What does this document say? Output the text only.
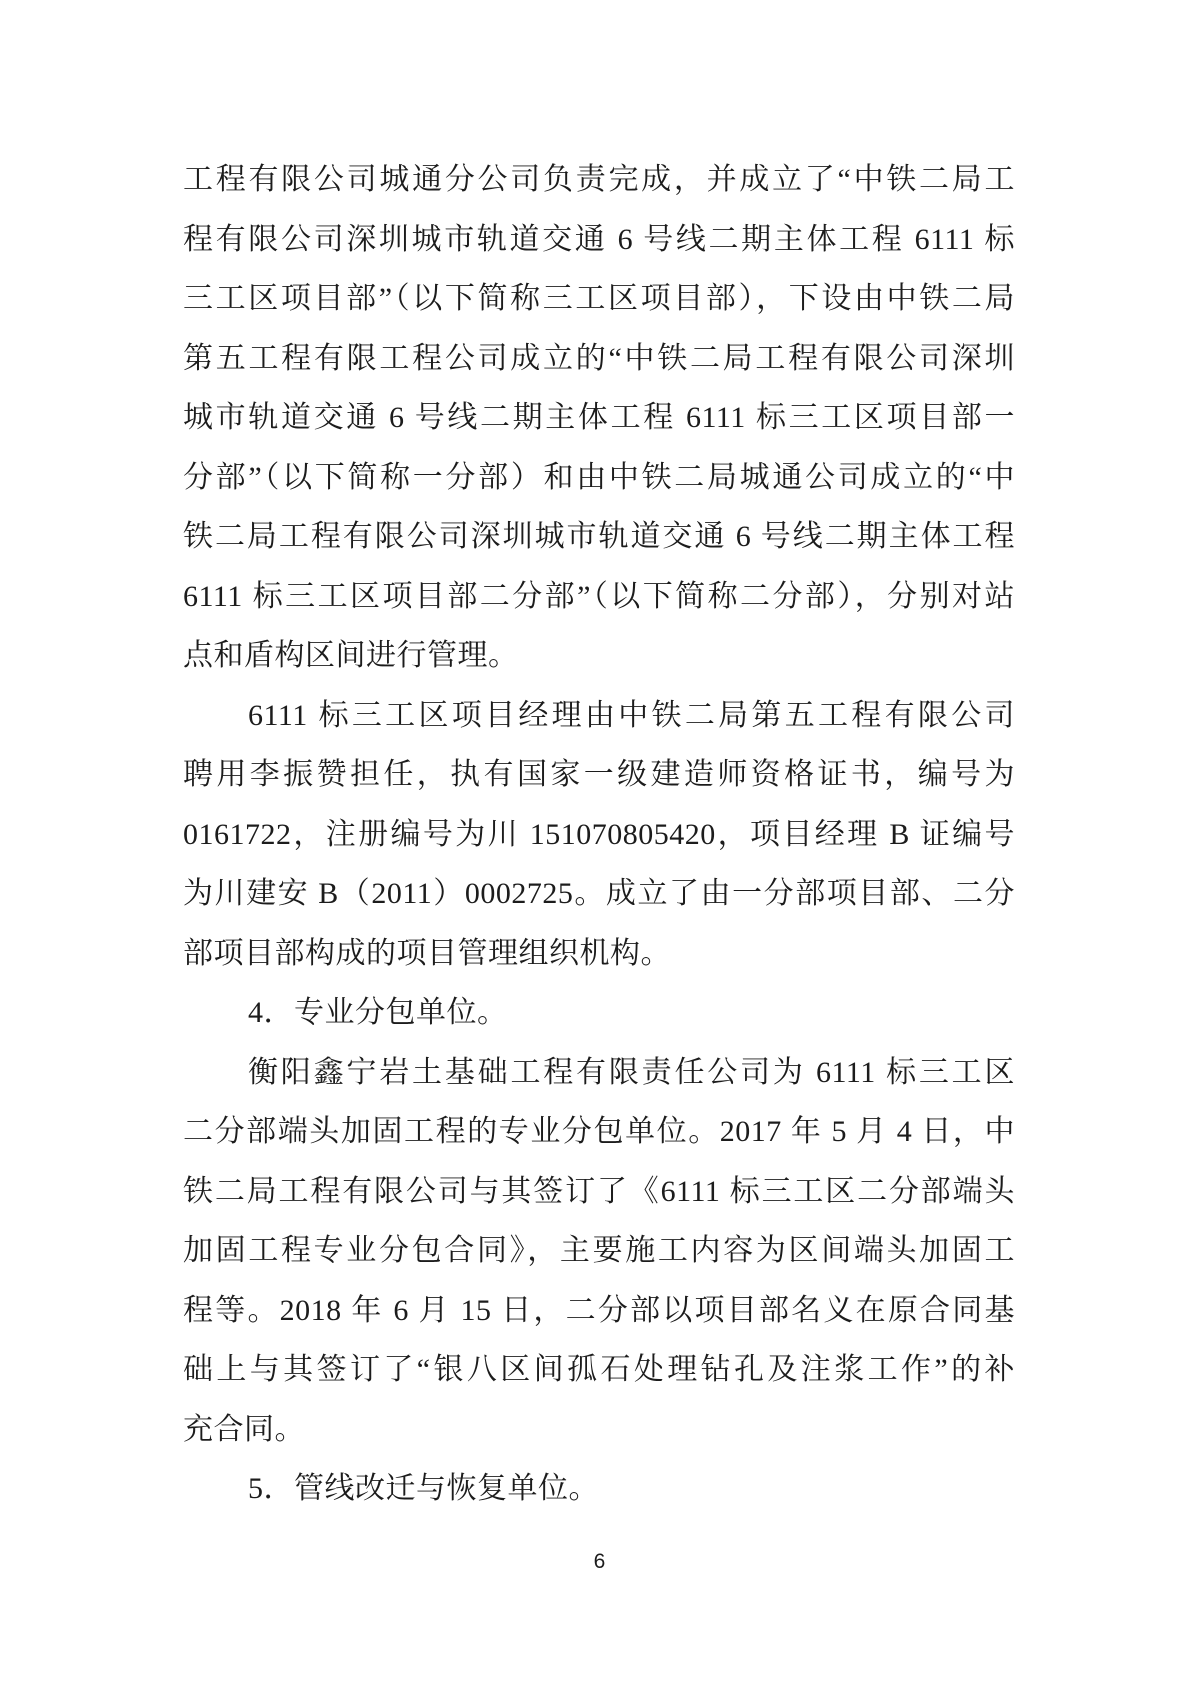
工程有限公司城通分公司负责完成，并成立了“中铁二局工
程有限公司深圳城市轨道交通 6 号线二期主体工程 6111 标
三工区项目部”（以下简称三工区项目部），下设由中铁二局
第五工程有限工程公司成立的“中铁二局工程有限公司深圳
城市轨道交通 6 号线二期主体工程 6111 标三工区项目部一
分部”（以下简称一分部）和由中铁二局城通公司成立的“中
铁二局工程有限公司深圳城市轨道交通 6 号线二期主体工程
6111 标三工区项目部二分部”（以下简称二分部），分别对站
点和盾构区间进行管理。
6111 标三工区项目经理由中铁二局第五工程有限公司
聘用李振赞担任，执有国家一级建造师资格证书，编号为
0161722，注册编号为川 151070805420，项目经理 B 证编号
为川建安 B（2011）0002725。成立了由一分部项目部、二分
部项目部构成的项目管理组织机构。
4．专业分包单位。
衡阳鑫宁岩土基础工程有限责任公司为 6111 标三工区
二分部端头加固工程的专业分包单位。2017 年 5 月 4 日，中
铁二局工程有限公司与其签订了《6111 标三工区二分部端头
加固工程专业分包合同》，主要施工内容为区间端头加固工
程等。2018 年 6 月 15 日，二分部以项目部名义在原合同基
础上与其签订了“银八区间孤石处理钻孔及注浆工作”的补
充合同。
5．管线改迁与恢复单位。
6
